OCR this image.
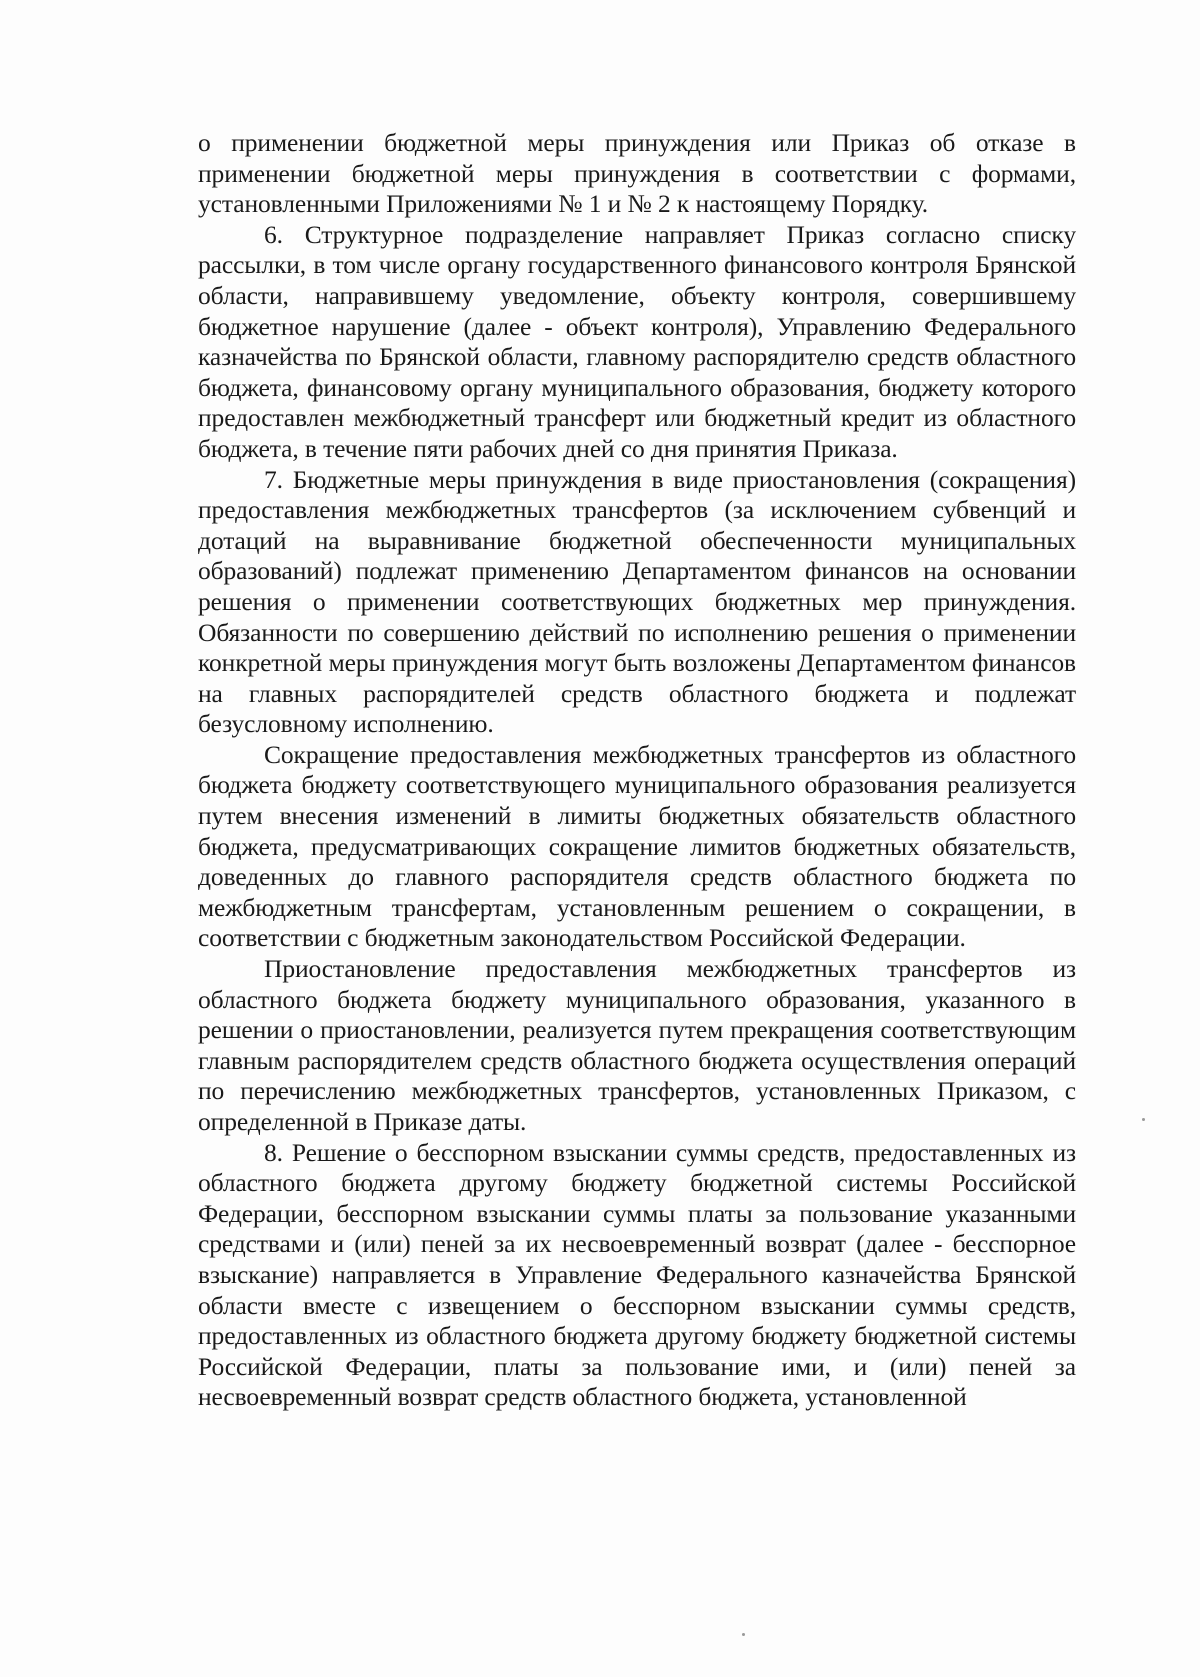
о применении бюджетной меры принуждения или Приказ об отказе в применении бюджетной меры принуждения в соответствии с формами, установленными Приложениями № 1 и № 2 к настоящему Порядку.

6. Структурное подразделение направляет Приказ согласно списку рассылки, в том числе органу государственного финансового контроля Брянской области, направившему уведомление, объекту контроля, совершившему бюджетное нарушение (далее - объект контроля), Управлению Федерального казначейства по Брянской области, главному распорядителю средств областного бюджета, финансовому органу муниципального образования, бюджету которого предоставлен межбюджетный трансферт или бюджетный кредит из областного бюджета, в течение пяти рабочих дней со дня принятия Приказа.

7. Бюджетные меры принуждения в виде приостановления (сокращения) предоставления межбюджетных трансфертов (за исключением субвенций и дотаций на выравнивание бюджетной обеспеченности муниципальных образований) подлежат применению Департаментом финансов на основании решения о применении соответствующих бюджетных мер принуждения. Обязанности по совершению действий по исполнению решения о применении конкретной меры принуждения могут быть возложены Департаментом финансов на главных распорядителей средств областного бюджета и подлежат безусловному исполнению.

Сокращение предоставления межбюджетных трансфертов из областного бюджета бюджету соответствующего муниципального образования реализуется путем внесения изменений в лимиты бюджетных обязательств областного бюджета, предусматривающих сокращение лимитов бюджетных обязательств, доведенных до главного распорядителя средств областного бюджета по межбюджетным трансфертам, установленным решением о сокращении, в соответствии с бюджетным законодательством Российской Федерации.

Приостановление предоставления межбюджетных трансфертов из областного бюджета бюджету муниципального образования, указанного в решении о приостановлении, реализуется путем прекращения соответствующим главным распорядителем средств областного бюджета осуществления операций по перечислению межбюджетных трансфертов, установленных Приказом, с определенной в Приказе даты.

8. Решение о бесспорном взыскании суммы средств, предоставленных из областного бюджета другому бюджету бюджетной системы Российской Федерации, бесспорном взыскании суммы платы за пользование указанными средствами и (или) пеней за их несвоевременный возврат (далее - бесспорное взыскание) направляется в Управление Федерального казначейства Брянской области вместе с извещением о бесспорном взыскании суммы средств, предоставленных из областного бюджета другому бюджету бюджетной системы Российской Федерации, платы за пользование ими, и (или) пеней за несвоевременный возврат средств областного бюджета, установленной
